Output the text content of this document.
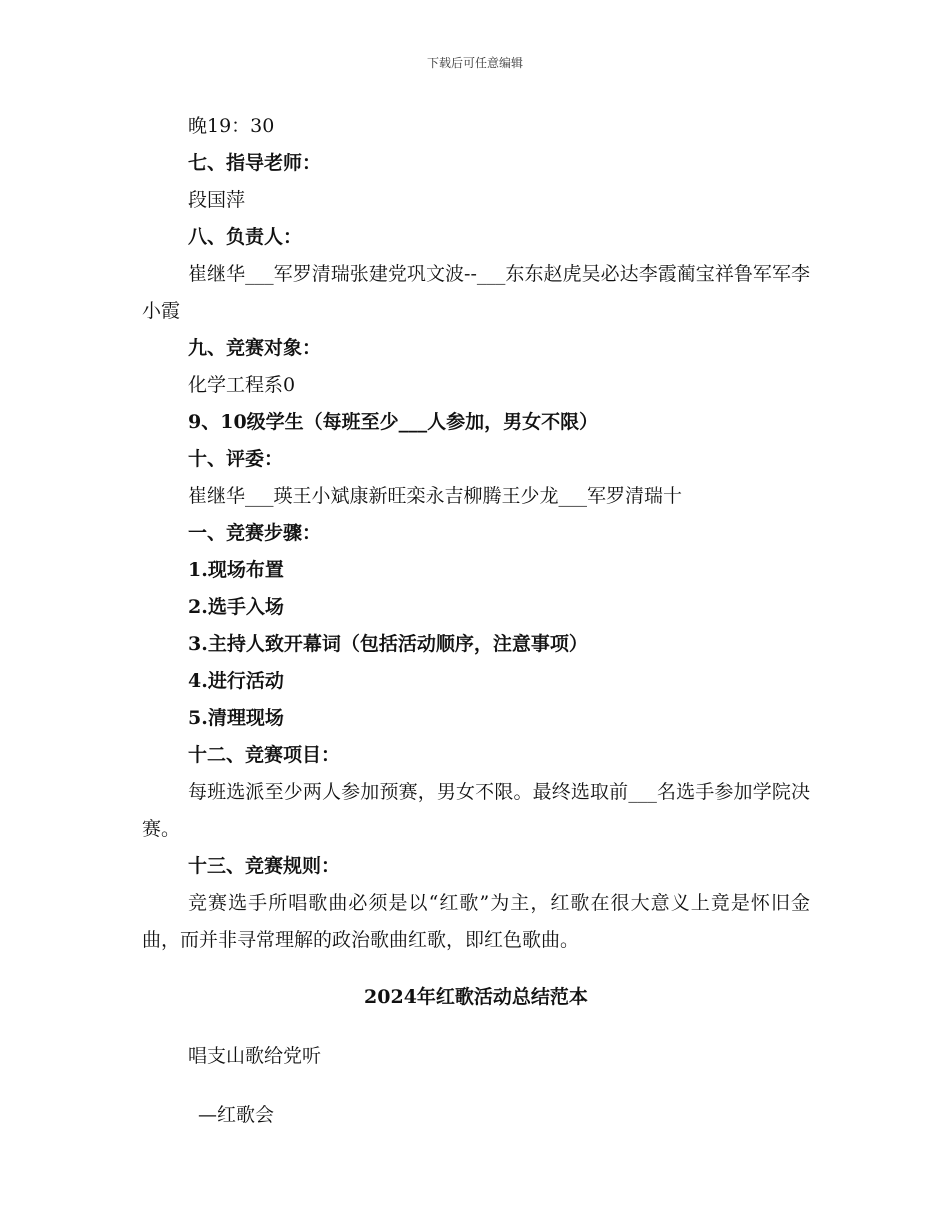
下载后可任意编辑
晚19：30
七、指导老师：
段国萍
八、负责人：

崔继华___军罗清瑞张建党巩文波--___东东赵虎吴必达李霞蔺宝祥鲁军军李小霞

九、竞赛对象：
化学工程系0
9、10级学生（每班至少___人参加，男女不限）
十、评委：
崔继华___瑛王小斌康新旺栾永吉柳腾王少龙___军罗清瑞十
一、竞赛步骤：
1.现场布置
2.选手入场
3.主持人致开幕词（包括活动顺序，注意事项）
4.进行活动
5.清理现场
十二、竞赛项目：

每班选派至少两人参加预赛，男女不限。最终选取前___名选手参加学院决赛。

十三、竞赛规则：

竞赛选手所唱歌曲必须是以“红歌”为主，红歌在很大意义上竟是怀旧金曲，而并非寻常理解的政治歌曲红歌，即红色歌曲。

2024年红歌活动总结范本
唱支山歌给党听
—红歌会
